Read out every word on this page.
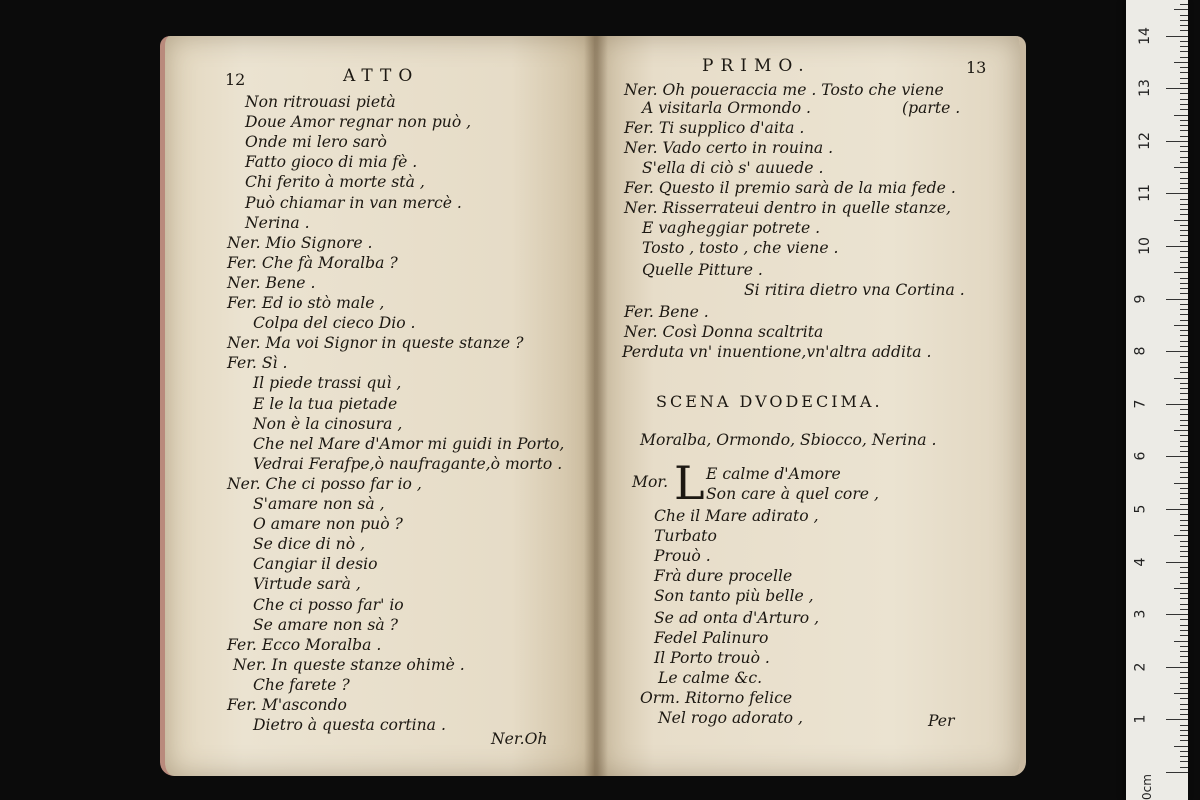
12	ATTO
Non ritrouasi pietà
Doue Amor regnar non può ,
Onde mi lero sarò
Fatto gioco di mia fè .
Chi ferito à morte stà ,
Può chiamar in van mercè .
Nerina .
Ner. Mio Signore .
Fer. Che fà Moralba ?
Ner. Bene .
Fer. Ed io stò male ,
Colpa del cieco Dio .
Ner. Ma voi Signor in queste stanze ?
Fer. Sì .
Il piede trassi quì ,
E le la tua pietade
Non è la cinosura ,
Che nel Mare d'Amor mi guidi in Porto,
Vedrai Ferafpe,ò naufragante,ò morto .
Ner. Che ci posso far io ,
S'amare non sà ,
O amare non può ?
Se dice di nò ,
Cangiar il desio
Virtude sarà ,
Che ci posso far' io
Se amare non sà ?
Fer. Ecco Moralba .
Ner. In queste stanze ohimè .
Che farete ?
Fer. M'ascondo
Dietro à questa cortina .
Ner.Oh
PRIMO.	13
Ner. Oh poueraccia me . Tosto che viene
A visitarla Ormondo .	(parte .
Fer. Ti supplico d'aita .
Ner. Vado certo in rouina .
S'ella di ciò s' auuede .
Fer. Questo il premio sarà de la mia fede .
Ner. Risserrateui dentro in quelle stanze,
E vagheggiar potrete .
Tosto , tosto , che viene .
Quelle Pitture .
Si ritira dietro vna Cortina .
Fer. Bene .
Ner. Così Donna scaltrita
Perduta vn' inuentione,vn'altra addita .
SCENA DVODECIMA.
Moralba, Ormondo, Sbiocco, Nerina .
Mor. L E calme d'Amore
Son care à quel core ,
Che il Mare adirato ,
Turbato
Prouò .
Frà dure procelle
Son tanto più belle ,
Se ad onta d'Arturo ,
Fedel Palinuro
Il Porto trouò .
Le calme &c.
Orm. Ritorno felice
Nel rogo adorato ,	Per
14
13
12
11
10
9
8
7
6
5
4
3
2
1
0cm
